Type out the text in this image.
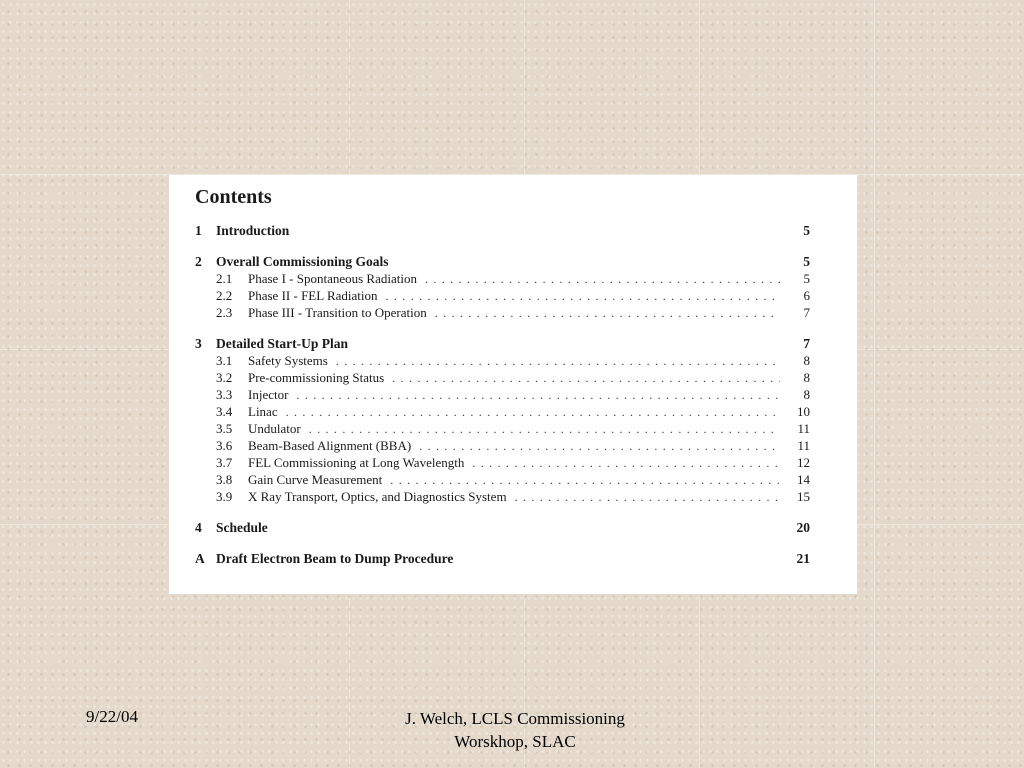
Contents
1	Introduction	5
2	Overall Commissioning Goals	5
2.1	Phase I - Spontaneous Radiation . . .	5
2.2	Phase II - FEL Radiation . . .	6
2.3	Phase III - Transition to Operation . . .	7
3	Detailed Start-Up Plan	7
3.1	Safety Systems . . .	8
3.2	Pre-commissioning Status . . .	8
3.3	Injector . . .	8
3.4	Linac . . .	10
3.5	Undulator . . .	11
3.6	Beam-Based Alignment (BBA) . . .	11
3.7	FEL Commissioning at Long Wavelength . . .	12
3.8	Gain Curve Measurement . . .	14
3.9	X Ray Transport, Optics, and Diagnostics System . . .	15
4	Schedule	20
A Draft Electron Beam to Dump Procedure	21
9/22/04	J. Welch, LCLS Commissioning
Worskhop, SLAC
